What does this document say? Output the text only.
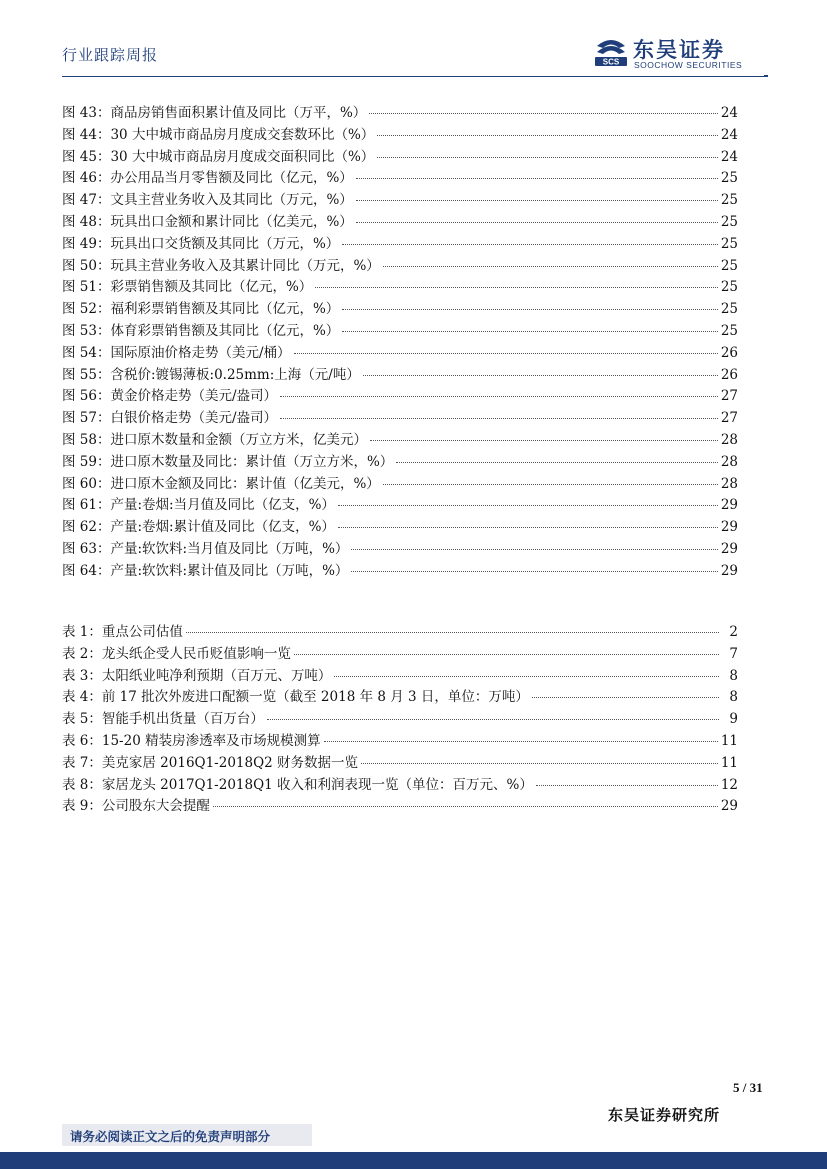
行业跟踪周报	SCS 东吴证券
SOOCHOW SECURITIES
图 43：商品房销售面积累计值及同比（万平，%）	24
图 44：30 大中城市商品房月度成交套数环比（%）	24
图 45：30 大中城市商品房月度成交面积同比（%）	24
图 46：办公用品当月零售额及同比（亿元，%）	25
图 47：文具主营业务收入及其同比（万元，%）	25
图 48：玩具出口金额和累计同比（亿美元，%）	25
图 49：玩具出口交货额及其同比（万元，%）	25
图 50：玩具主营业务收入及其累计同比（万元，%）	25
图 51：彩票销售额及其同比（亿元，%）	25
图 52：福利彩票销售额及其同比（亿元，%）	25
图 53：体育彩票销售额及其同比（亿元，%）	25
图 54：国际原油价格走势（美元/桶）	26
图 55：含税价:镀锡薄板:0.25mm:上海（元/吨）	26
图 56：黄金价格走势（美元/盎司）	27
图 57：白银价格走势（美元/盎司）	27
图 58：进口原木数量和金额（万立方米，亿美元）	28
图 59：进口原木数量及同比：累计值（万立方米，%）	28
图 60：进口原木金额及同比：累计值（亿美元，%）	28
图 61：产量:卷烟:当月值及同比（亿支，%）	29
图 62：产量:卷烟:累计值及同比（亿支，%）	29
图 63：产量:软饮料:当月值及同比（万吨，%）	29
图 64：产量:软饮料:累计值及同比（万吨，%）	29
表 1：重点公司估值	2
表 2：龙头纸企受人民币贬值影响一览	7
表 3：太阳纸业吨净利预期（百万元、万吨）	8
表 4：前 17 批次外废进口配额一览（截至 2018 年 8 月 3 日，单位：万吨）	8
表 5：智能手机出货量（百万台）	9
表 6：15-20 精装房渗透率及市场规模测算	11
表 7：美克家居 2016Q1-2018Q2 财务数据一览	11
表 8：家居龙头 2017Q1-2018Q1 收入和利润表现一览（单位：百万元、%）	12
表 9：公司股东大会提醒	29
5 / 31
东吴证券研究所
请务必阅读正文之后的免责声明部分
